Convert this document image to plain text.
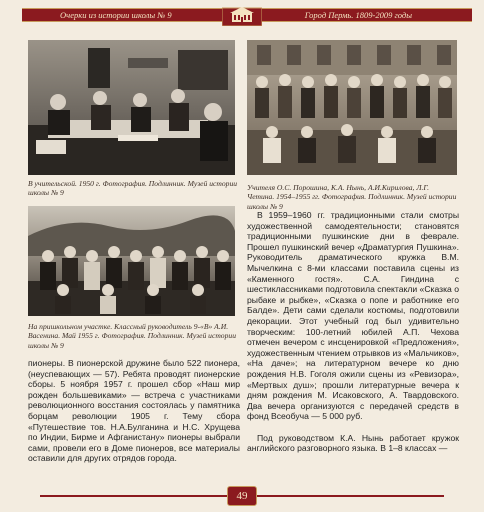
Очерки из истории школы № 9	Город Пермь. 1809-2009 годы
В учительской. 1950 г. Фотография. Подлинник. Музей истории школы № 9
Учителя О.С. Порошина, К.А. Нынь, А.И.Кирилова, Л.Г. Четина. 1954–1955 гг. Фотография. Подлинник. Музей истории школы № 9
На пришкольном участке. Классный руководитель 9-«В» А.И. Васенина. Май 1955 г. Фотография. Подлинник. Музей истории школы № 9

пионеры. В пионерской дружине было 522 пионера, (неуспевающих — 57). Ребята проводят пионерские сборы. 5 ноября 1957 г. прошел сбор «Наш мир рожден большевиками» — встреча с участниками революционного восстания состоялась у памятника борцам революции 1905 г. Тему сбора «Путешествие тов. Н.А.Булганина и Н.С. Хрущева по Индии, Бирме и Афганистану» пионеры выбрали сами, провели его в Доме пионеров, все материалы оставили для других отрядов города.

В 1959–1960 гг. традиционными стали смотры художественной самодеятельности; становятся традиционными пушкинские дни в феврале. Прошел пушкинский вечер «Драматургия Пушкина». Руководитель драматического кружка В.М. Мычелкина с 8-ми классами поставила сцены из «Каменного гостя». С.А. Гиндина с шестиклассниками подготовила спектакли «Сказка о рыбаке и рыбке», «Сказка о попе и работнике его Балде». Дети сами сделали костюмы, подготовили декорации. Этот учебный год был удивительно творческим: 100-летний юбилей А.П. Чехова отмечен вечером с инсценировкой «Предложения», художественным чтением отрывков из «Мальчиков», «На даче»; на литературном вечере ко дню рождения Н.В. Гоголя ожили сцены из «Ревизора», «Мертвых душ»; прошли литературные вечера к дням рождения М. Исаковского, А. Твардовского. Два вечера организуются с передачей средств в фонд Всеобуча — 5 000 руб.

Под руководством К.А. Нынь работает кружок английского разговорного языка. В 1–8 классах —

49
